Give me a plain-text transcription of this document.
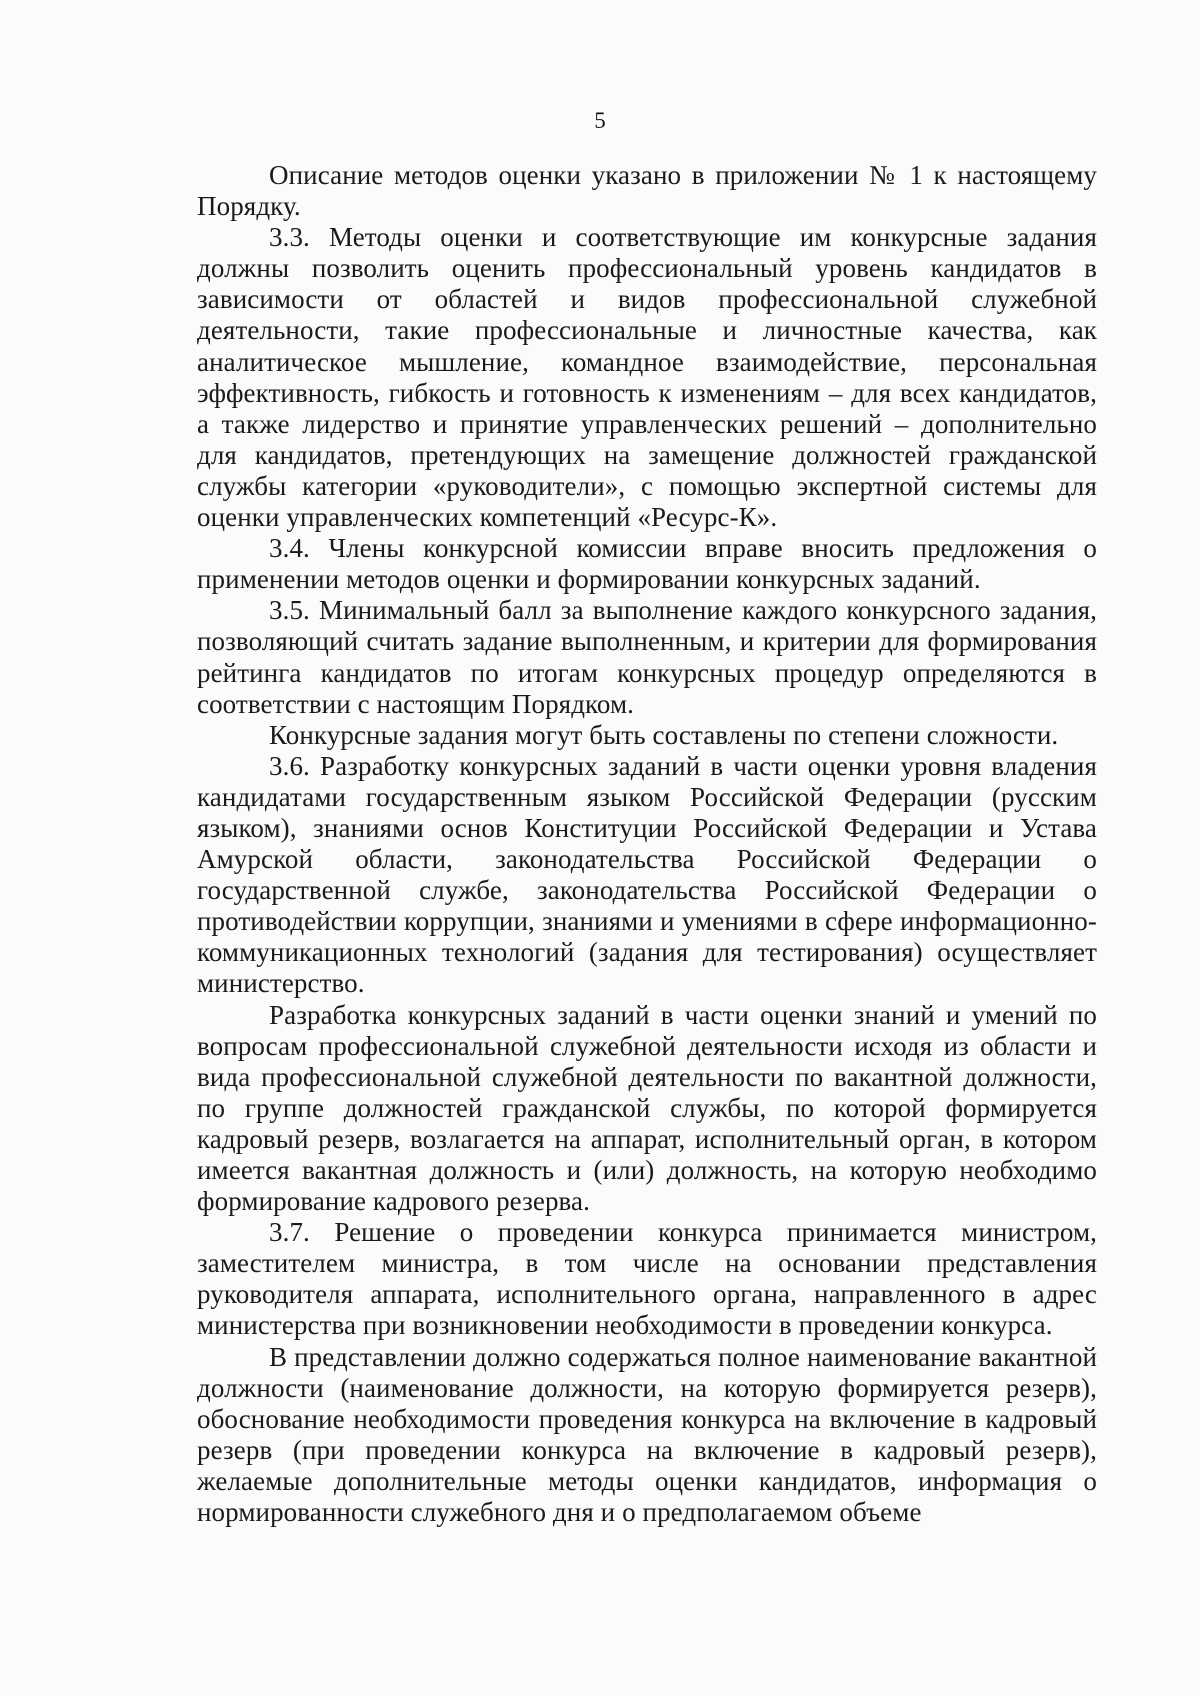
5

Описание методов оценки указано в приложении № 1 к настоящему Порядку.

3.3. Методы оценки и соответствующие им конкурсные задания должны позволить оценить профессиональный уровень кандидатов в зависимости от областей и видов профессиональной служебной деятельности, такие профессиональные и личностные качества, как аналитическое мышление, командное взаимодействие, персональная эффективность, гибкость и готовность к изменениям – для всех кандидатов, а также лидерство и принятие управленческих решений – дополнительно для кандидатов, претендующих на замещение должностей гражданской службы категории «руководители», с помощью экспертной системы для оценки управленческих компетенций «Ресурс-К».

3.4. Члены конкурсной комиссии вправе вносить предложения о применении методов оценки и формировании конкурсных заданий.

3.5. Минимальный балл за выполнение каждого конкурсного задания, позволяющий считать задание выполненным, и критерии для формирования рейтинга кандидатов по итогам конкурсных процедур определяются в соответствии с настоящим Порядком.

Конкурсные задания могут быть составлены по степени сложности.

3.6. Разработку конкурсных заданий в части оценки уровня владения кандидатами государственным языком Российской Федерации (русским языком), знаниями основ Конституции Российской Федерации и Устава Амурской области, законодательства Российской Федерации о государственной службе, законодательства Российской Федерации о противодействии коррупции, знаниями и умениями в сфере информационно-коммуникационных технологий (задания для тестирования) осуществляет министерство.

Разработка конкурсных заданий в части оценки знаний и умений по вопросам профессиональной служебной деятельности исходя из области и вида профессиональной служебной деятельности по вакантной должности, по группе должностей гражданской службы, по которой формируется кадровый резерв, возлагается на аппарат, исполнительный орган, в котором имеется вакантная должность и (или) должность, на которую необходимо формирование кадрового резерва.

3.7. Решение о проведении конкурса принимается министром, заместителем министра, в том числе на основании представления руководителя аппарата, исполнительного органа, направленного в адрес министерства при возникновении необходимости в проведении конкурса.

В представлении должно содержаться полное наименование вакантной должности (наименование должности, на которую формируется резерв), обоснование необходимости проведения конкурса на включение в кадровый резерв (при проведении конкурса на включение в кадровый резерв), желаемые дополнительные методы оценки кандидатов, информация о нормированности служебного дня и о предполагаемом объеме
